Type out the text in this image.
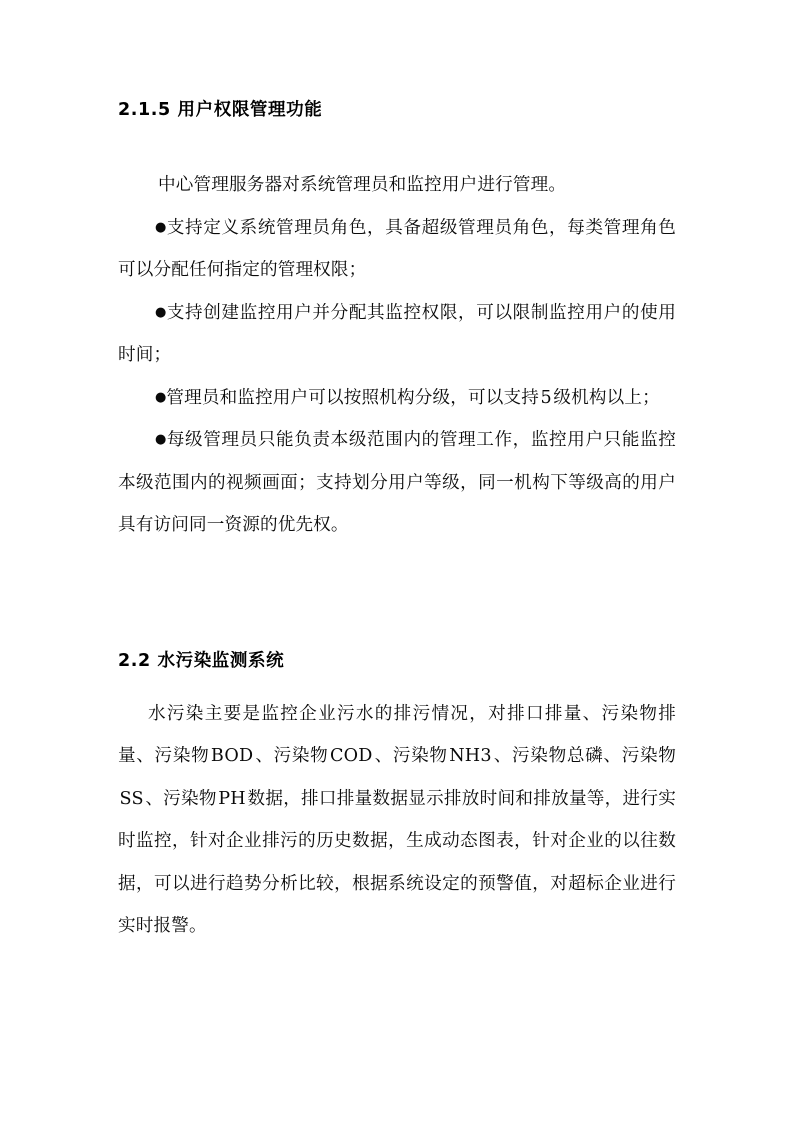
2.1.5 用户权限管理功能

中心管理服务器对系统管理员和监控用户进行管理。

●支持定义系统管理员角色，具备超级管理员角色，每类管理角色可以分配任何指定的管理权限；

●支持创建监控用户并分配其监控权限，可以限制监控用户的使用时间；

●管理员和监控用户可以按照机构分级，可以支持5级机构以上；

●每级管理员只能负责本级范围内的管理工作，监控用户只能监控本级范围内的视频画面；支持划分用户等级，同一机构下等级高的用户具有访问同一资源的优先权。

2.2 水污染监测系统

水污染主要是监控企业污水的排污情况，对排口排量、污染物排量、污染物BOD、污染物COD、污染物NH3、污染物总磷、污染物SS、污染物PH数据，排口排量数据显示排放时间和排放量等，进行实时监控，针对企业排污的历史数据，生成动态图表，针对企业的以往数据，可以进行趋势分析比较，根据系统设定的预警值，对超标企业进行实时报警。
